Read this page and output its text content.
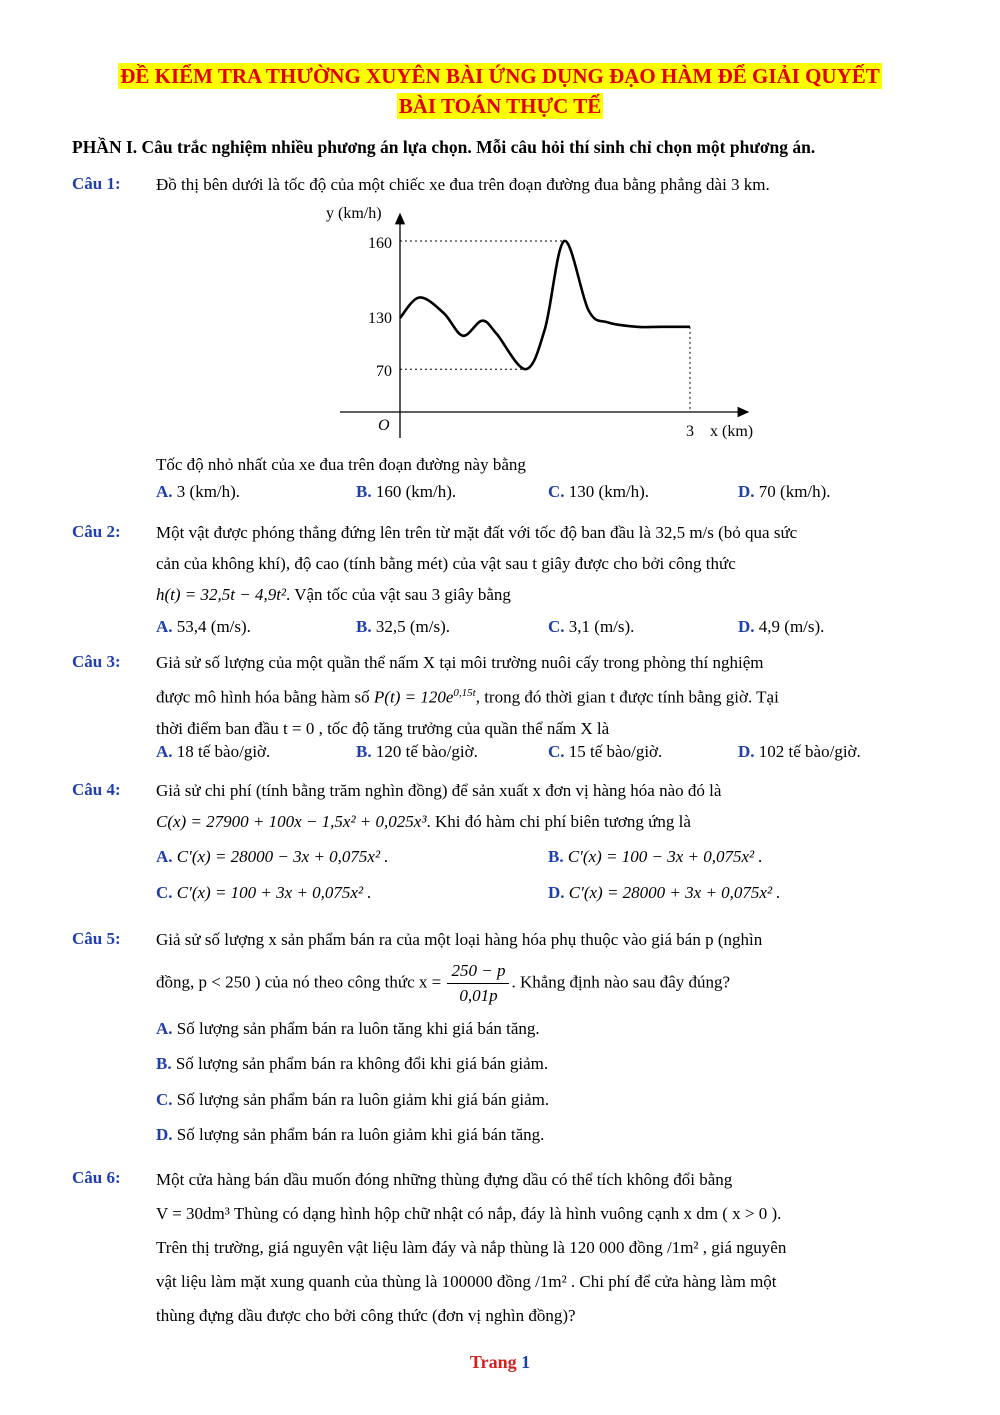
ĐỀ KIỂM TRA THƯỜNG XUYÊN BÀI ỨNG DỤNG ĐẠO HÀM ĐỂ GIẢI QUYẾT
BÀI TOÁN THỰC TẾ
PHẦN I. Câu trắc nghiệm nhiều phương án lựa chọn. Mỗi câu hỏi thí sinh chỉ chọn một phương án.
Câu 1: Đồ thị bên dưới là tốc độ của một chiếc xe đua trên đoạn đường đua bằng phẳng dài 3 km.
y (km/h)
x (km)
O
160
130
70
3
Tốc độ nhỏ nhất của xe đua trên đoạn đường này bằng
A. 3 (km/h).	B. 160 (km/h).	C. 130 (km/h).	D. 70 (km/h).
Câu 2: Một vật được phóng thẳng đứng lên trên từ mặt đất với tốc độ ban đầu là 32,5 m/s (bỏ qua sức
cản của không khí), độ cao (tính bằng mét) của vật sau t giây được cho bởi công thức
h(t) = 32,5t − 4,9t². Vận tốc của vật sau 3 giây bằng
A. 53,4 (m/s).	B. 32,5 (m/s).	C. 3,1 (m/s).	D. 4,9 (m/s).
Câu 3: Giả sử số lượng của một quần thể nấm X tại môi trường nuôi cấy trong phòng thí nghiệm
được mô hình hóa bằng hàm số $P(t) = 120e^{0,15t}$, trong đó thời gian t được tính bằng giờ. Tại
thời điểm ban đầu t = 0 , tốc độ tăng trưởng của quần thể nấm X là
A. 18 tế bào/giờ.	B. 120 tế bào/giờ.	C. 15 tế bào/giờ.	D. 102 tế bào/giờ.
Câu 4: Giả sử chi phí (tính bằng trăm nghìn đồng) để sản xuất x đơn vị hàng hóa nào đó là
C(x) = 27900 + 100x − 1,5x² + 0,025x³. Khi đó hàm chi phí biên tương ứng là
A. C′(x) = 28000 − 3x + 0,075x² .	B. C′(x) = 100 − 3x + 0,075x² .
C. C′(x) = 100 + 3x + 0,075x² .	D. C′(x) = 28000 + 3x + 0,075x² .
Câu 5: Giả sử số lượng x sản phẩm bán ra của một loại hàng hóa phụ thuộc vào giá bán p (nghìn
đồng, p < 250 ) của nó theo công thức $x = \frac{250 - p}{0,01p}$ . Khẳng định nào sau đây đúng?
A. Số lượng sản phẩm bán ra luôn tăng khi giá bán tăng.
B. Số lượng sản phẩm bán ra không đổi khi giá bán giảm.
C. Số lượng sản phẩm bán ra luôn giảm khi giá bán giảm.
D. Số lượng sản phẩm bán ra luôn giảm khi giá bán tăng.
Câu 6: Một cửa hàng bán dầu muốn đóng những thùng đựng dầu có thể tích không đổi bằng
V = 30dm³ Thùng có dạng hình hộp chữ nhật có nắp, đáy là hình vuông cạnh x dm ( x > 0 ).
Trên thị trường, giá nguyên vật liệu làm đáy và nắp thùng là 120 000 đồng /1m² , giá nguyên
vật liệu làm mặt xung quanh của thùng là 100000 đồng /1m² . Chi phí để cửa hàng làm một
thùng đựng dầu được cho bởi công thức (đơn vị nghìn đồng)?
Trang 1
